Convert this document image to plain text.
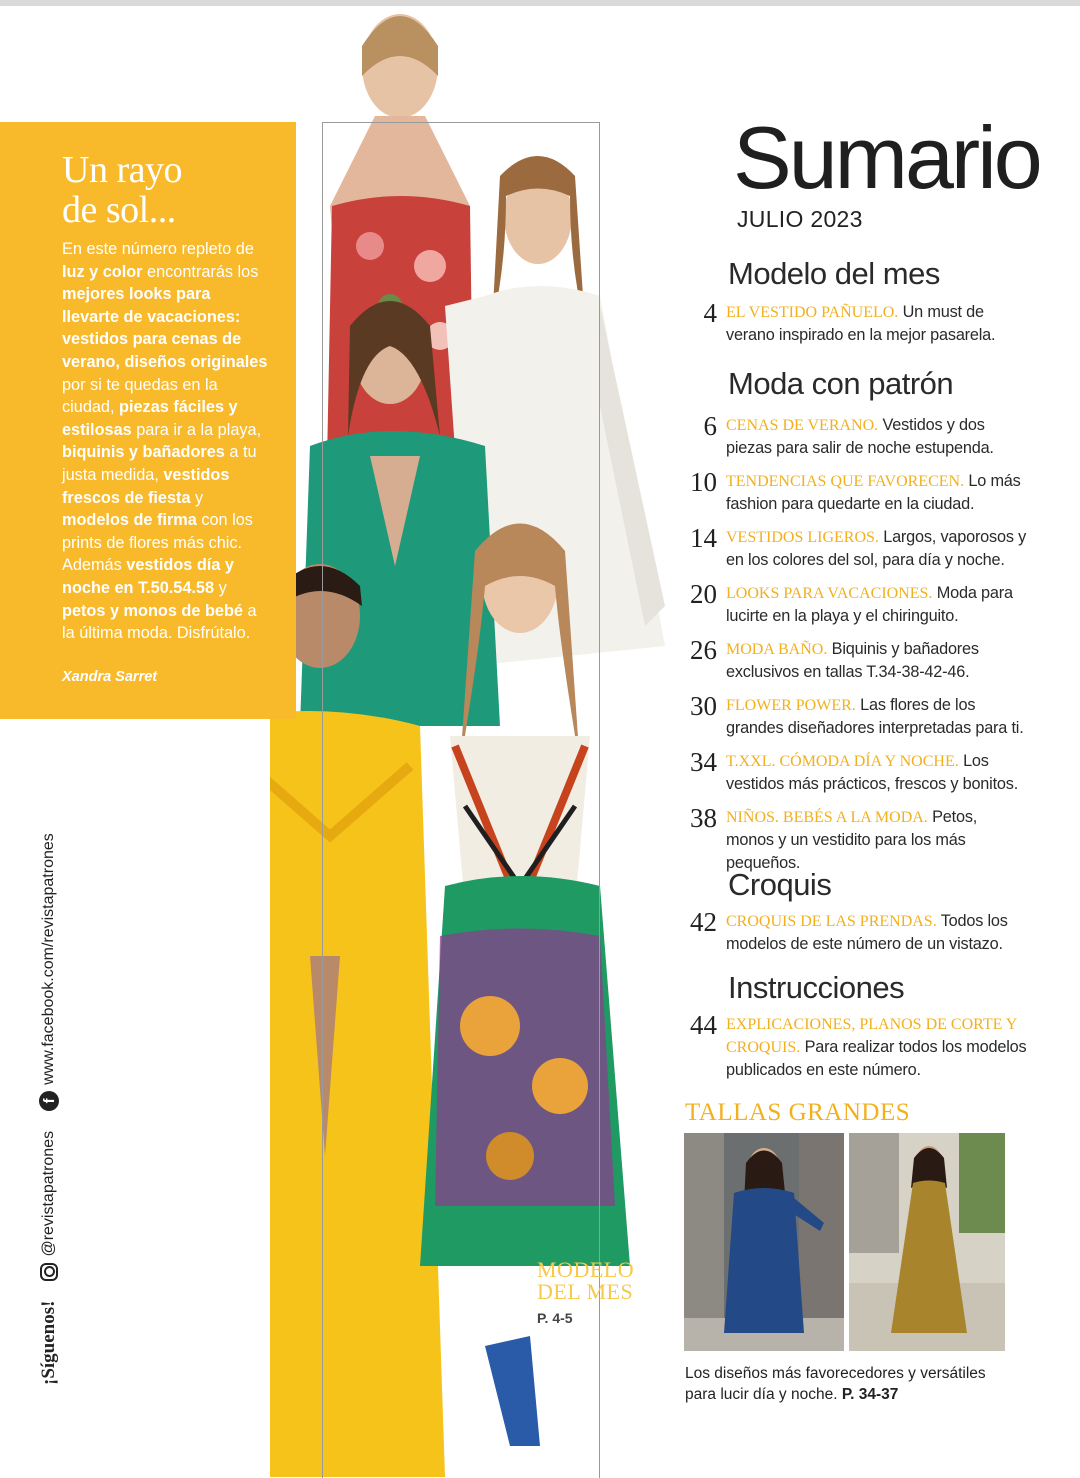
Un rayo
de sol...
En este número repleto de luz y color encontrarás los mejores looks para llevarte de vacaciones: vestidos para cenas de verano, diseños originales por si te quedas en la ciudad, piezas fáciles y estilosas para ir a la playa, biquinis y bañadores a tu justa medida, vestidos frescos de fiesta y modelos de firma con los prints de flores más chic. Además vestidos día y noche en T.50.54.58 y petos y monos de bebé a la última moda. Disfrútalo.
Xandra Sarret
¡Síguenos!
@revistapatrones
f
www.facebook.com/revistapatrones
Sumario
JULIO 2023
Modelo del mes
4 EL VESTIDO PAÑUELO. Un must de verano inspirado en la mejor pasarela.
Moda con patrón
6 CENAS DE VERANO. Vestidos y dos piezas para salir de noche estupenda.
10 TENDENCIAS QUE FAVORECEN. Lo más fashion para quedarte en la ciudad.
14 VESTIDOS LIGEROS. Largos, vaporosos y en los colores del sol, para día y noche.
20 LOOKS PARA VACACIONES. Moda para lucirte en la playa y el chiringuito.
26 MODA BAÑO. Biquinis y bañadores exclusivos en tallas T.34-38-42-46.
30 FLOWER POWER. Las flores de los grandes diseñadores interpretadas para ti.
34 T.XXL. CÓMODA DÍA Y NOCHE. Los vestidos más prácticos, frescos y bonitos.
38 NIÑOS. BEBÉS A LA MODA. Petos, monos y un vestidito para los más pequeños.
Croquis
42 CROQUIS DE LAS PRENDAS. Todos los modelos de este número de un vistazo.
Instrucciones
44 EXPLICACIONES, PLANOS DE CORTE Y CROQUIS. Para realizar todos los modelos publicados en este número.
TALLAS GRANDES
Los diseños más favorecedores y versátiles para lucir día y noche. P. 34-37
MODELO
DEL MES
P. 4-5
